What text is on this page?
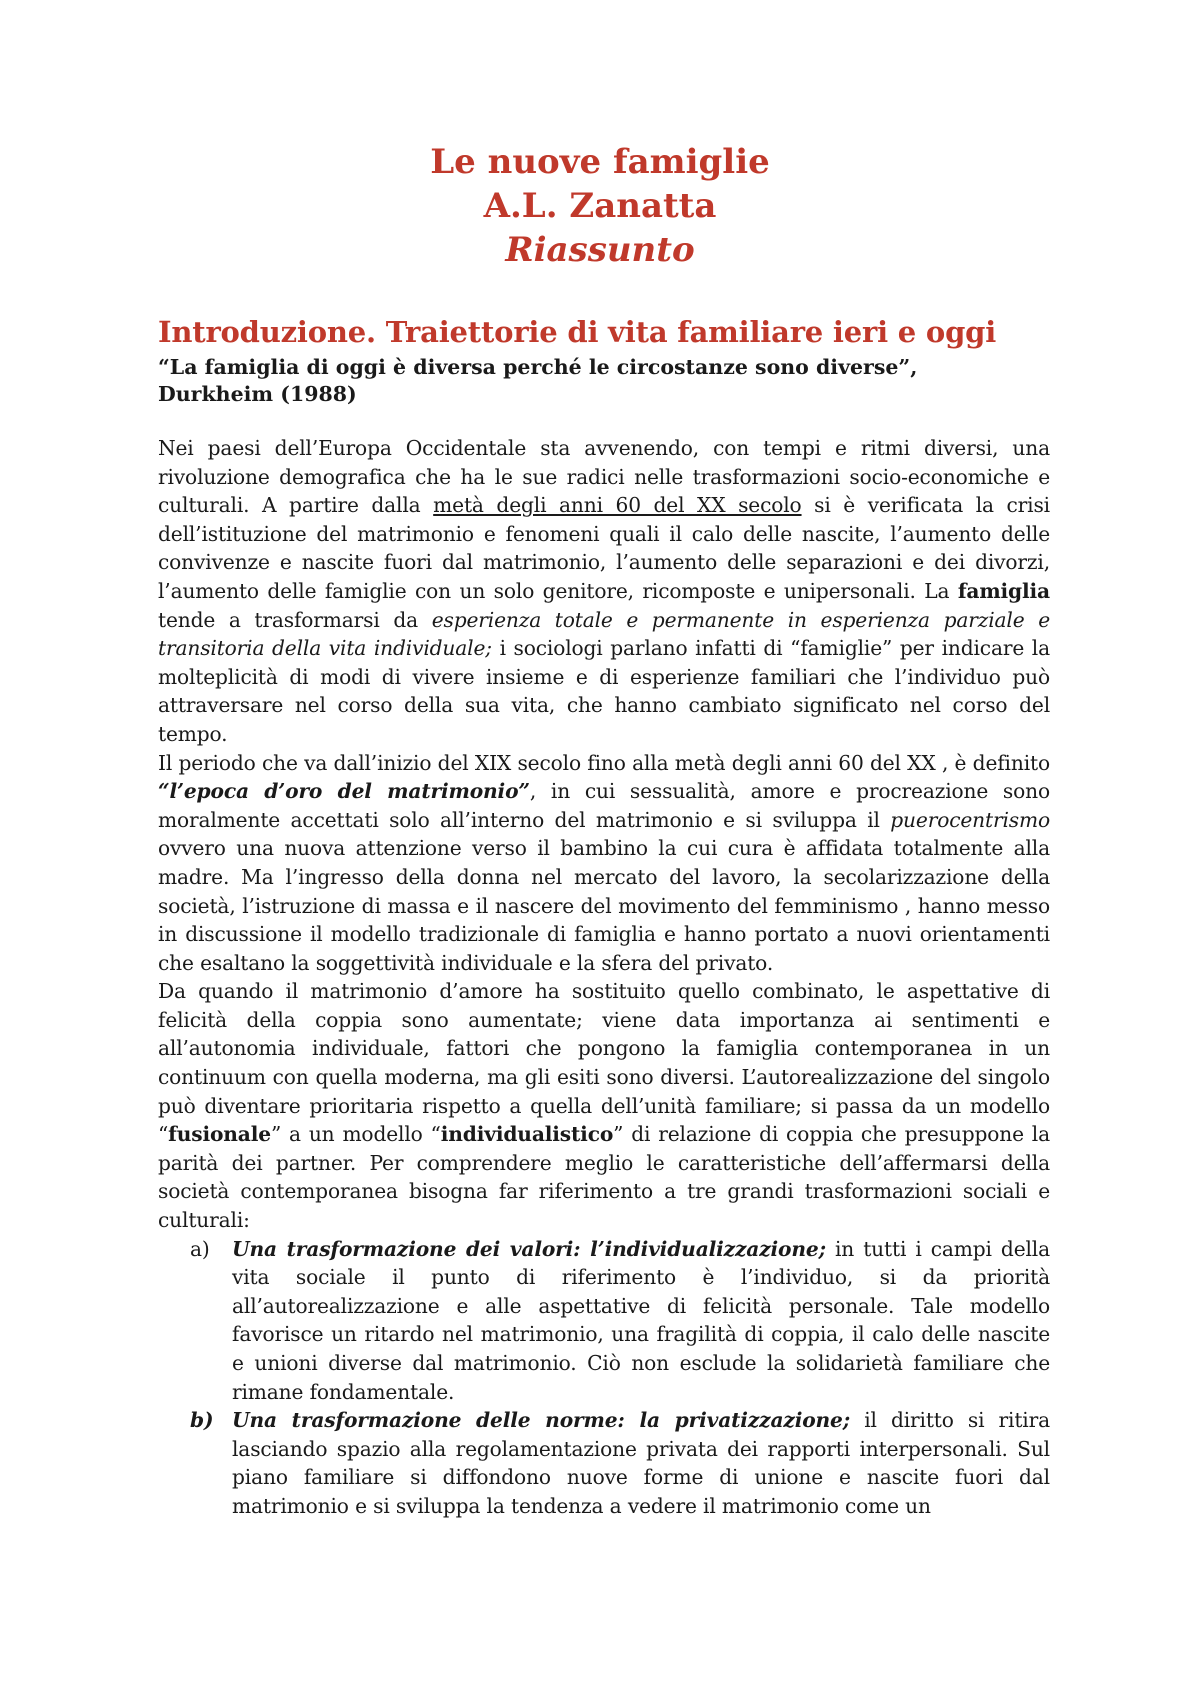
Le nuove famiglie
A.L. Zanatta
Riassunto
Introduzione. Traiettorie di vita familiare ieri e oggi
“La famiglia di oggi è diversa perché le circostanze sono diverse”,
Durkheim (1988)

Nei paesi dell’Europa Occidentale sta avvenendo, con tempi e ritmi diversi, una rivoluzione demografica che ha le sue radici nelle trasformazioni socio-economiche e culturali. A partire dalla metà degli anni 60 del XX secolo si è verificata la crisi dell’istituzione del matrimonio e fenomeni quali il calo delle nascite, l’aumento delle convivenze e nascite fuori dal matrimonio, l’aumento delle separazioni e dei divorzi, l’aumento delle famiglie con un solo genitore, ricomposte e unipersonali. La famiglia tende a trasformarsi da esperienza totale e permanente in esperienza parziale e transitoria della vita individuale; i sociologi parlano infatti di “famiglie” per indicare la molteplicità di modi di vivere insieme e di esperienze familiari che l’individuo può attraversare nel corso della sua vita, che hanno cambiato significato nel corso del tempo.

Il periodo che va dall’inizio del XIX secolo fino alla metà degli anni 60 del XX , è definito “l’epoca d’oro del matrimonio”, in cui sessualità, amore e procreazione sono moralmente accettati solo all’interno del matrimonio e si sviluppa il puerocentrismo ovvero una nuova attenzione verso il bambino la cui cura è affidata totalmente alla madre. Ma l’ingresso della donna nel mercato del lavoro, la secolarizzazione della società, l’istruzione di massa e il nascere del movimento del femminismo , hanno messo in discussione il modello tradizionale di famiglia e hanno portato a nuovi orientamenti che esaltano la soggettività individuale e la sfera del privato.

Da quando il matrimonio d’amore ha sostituito quello combinato, le aspettative di felicità della coppia sono aumentate; viene data importanza ai sentimenti e all’autonomia individuale, fattori che pongono la famiglia contemporanea in un continuum con quella moderna, ma gli esiti sono diversi. L’autorealizzazione del singolo può diventare prioritaria rispetto a quella dell’unità familiare; si passa da un modello “fusionale” a un modello “individualistico” di relazione di coppia che presuppone la parità dei partner. Per comprendere meglio le caratteristiche dell’affermarsi della società contemporanea bisogna far riferimento a tre grandi trasformazioni sociali e culturali:

a) Una trasformazione dei valori: l’individualizzazione; in tutti i campi della vita sociale il punto di riferimento è l’individuo, si da priorità all’autorealizzazione e alle aspettative di felicità personale. Tale modello favorisce un ritardo nel matrimonio, una fragilità di coppia, il calo delle nascite e unioni diverse dal matrimonio. Ciò non esclude la solidarietà familiare che rimane fondamentale.
b) Una trasformazione delle norme: la privatizzazione; il diritto si ritira lasciando spazio alla regolamentazione privata dei rapporti interpersonali. Sul piano familiare si diffondono nuove forme di unione e nascite fuori dal matrimonio e si sviluppa la tendenza a vedere il matrimonio come un
